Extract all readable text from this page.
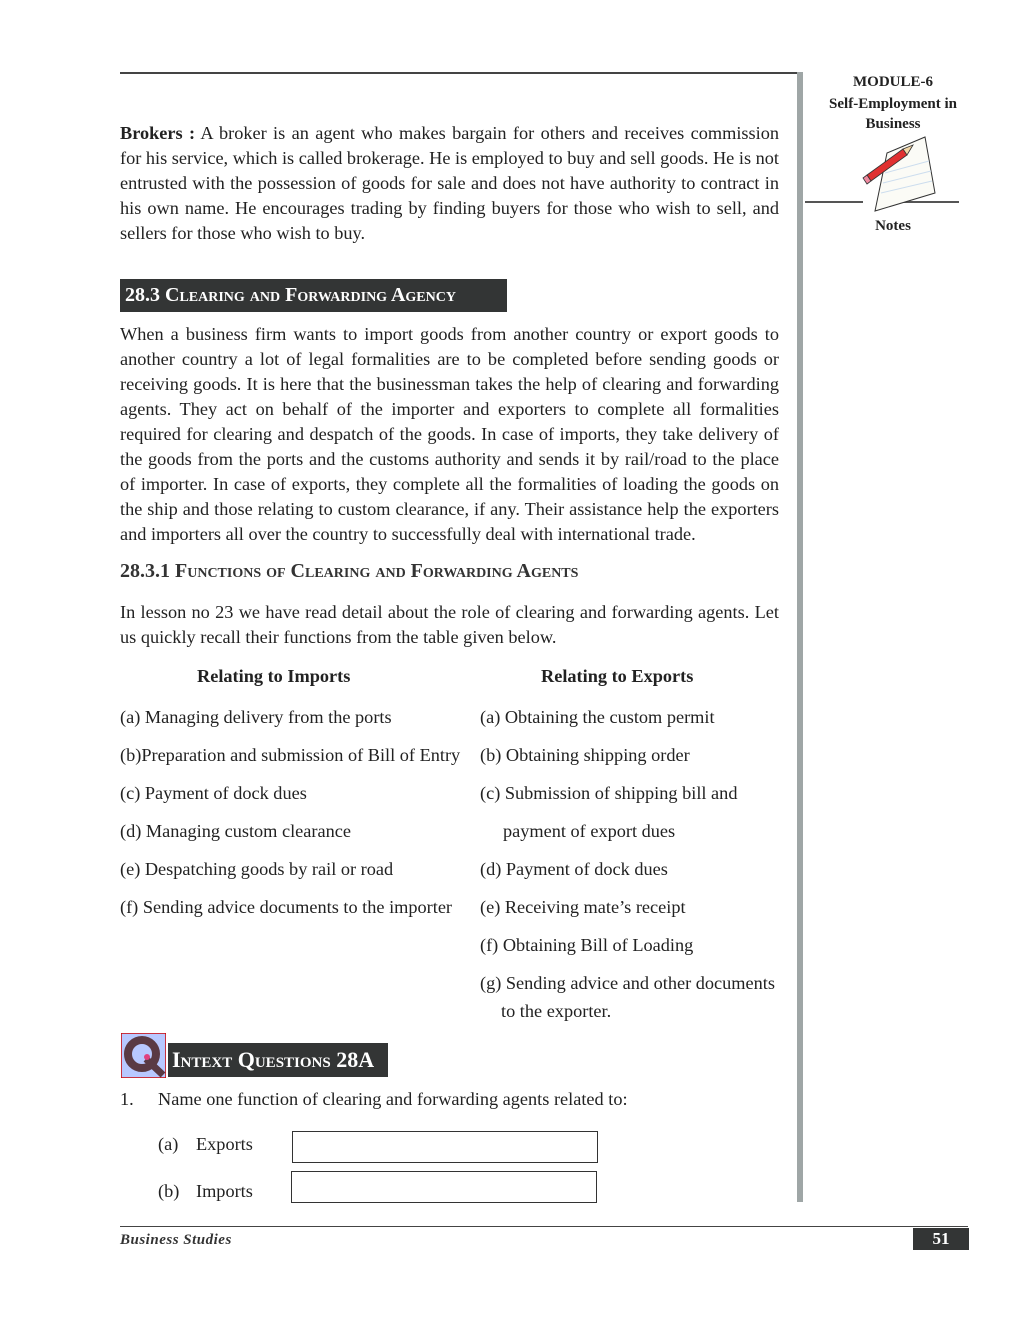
MODULE-6
Self-Employment in
Business
Notes
Brokers : A broker is an agent who makes bargain for others and receives commission for his service, which is called brokerage. He is employed to buy and sell goods. He is not entrusted with the possession of goods for sale and does not have authority to contract in his own name. He encourages trading by finding buyers for those who wish to sell, and sellers for those who wish to buy.
28.3 Clearing and Forwarding Agency
When a business firm wants to import goods from another country or export goods to another country a lot of legal formalities are to be completed before sending goods or receiving goods. It is here that the businessman takes the help of clearing and forwarding agents. They act on behalf of the importer and exporters to complete all formalities required for clearing and despatch of the goods. In case of imports, they take delivery of the goods from the ports and the customs authority and sends it by rail/road to the place of importer. In case of exports, they complete all the formalities of loading the goods on the ship and those relating to custom clearance, if any. Their assistance help the exporters and importers all over the country to successfully deal with international trade.
28.3.1 Functions of Clearing and Forwarding Agents
In lesson no 23 we have read detail about the role of clearing and forwarding agents. Let us quickly recall their functions from the table given below.
Relating to Imports	Relating to Exports
(a) Managing delivery from the ports
(b)Preparation and submission of Bill of Entry
(c) Payment of dock dues
(d) Managing custom clearance
(e) Despatching goods by rail or road
(f) Sending advice documents to the importer
(a) Obtaining the custom permit
(b) Obtaining shipping order
(c) Submission of shipping bill and
payment of export dues
(d) Payment of dock dues
(e) Receiving mate’s receipt
(f) Obtaining Bill of Loading
(g) Sending advice and other documents
to the exporter.
Intext Questions 28A
1. Name one function of clearing and forwarding agents related to:
(a) Exports
(b) Imports
Business Studies	51
